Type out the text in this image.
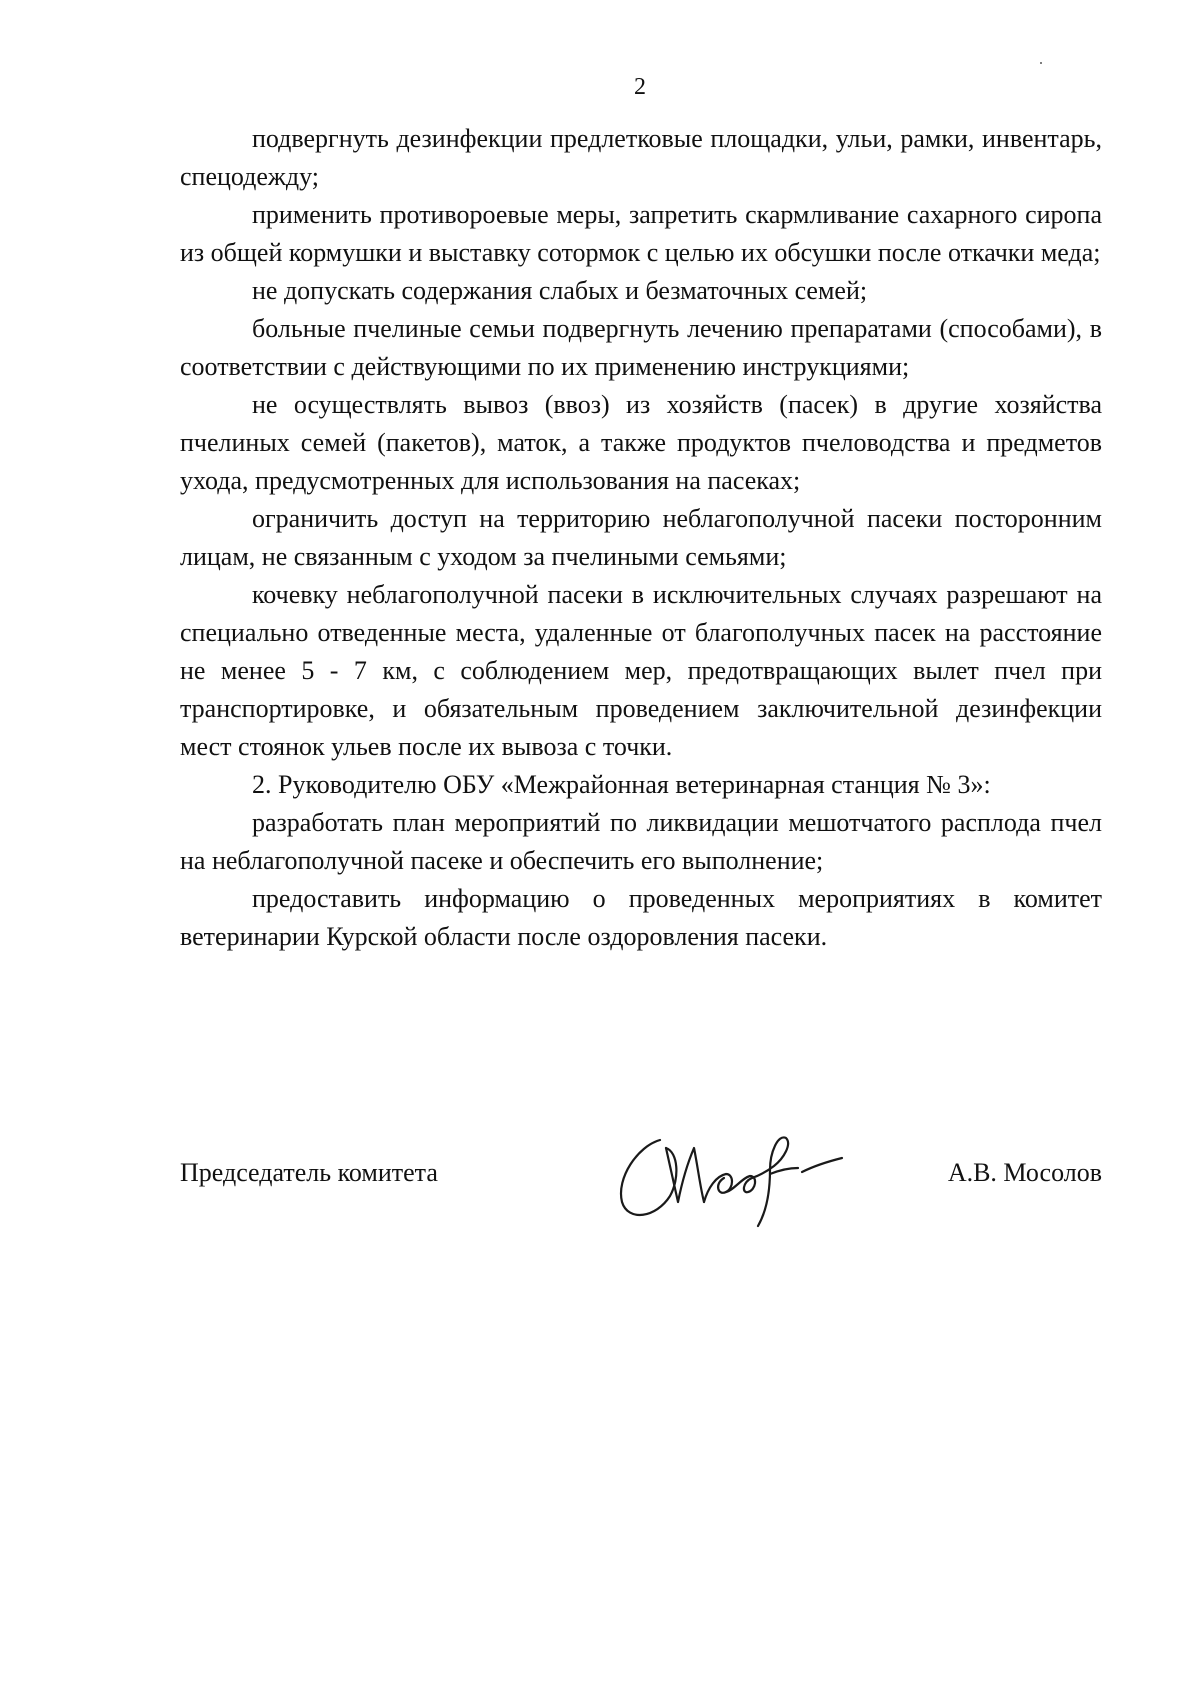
2

подвергнуть дезинфекции предлетковые площадки, ульи, рамки, инвентарь, спецодежду;

применить противороевые меры, запретить скармливание сахарного сиропа из общей кормушки и выставку сотормок с целью их обсушки после откачки меда;

не допускать содержания слабых и безматочных семей;

больные пчелиные семьи подвергнуть лечению препаратами (способами), в соответствии с действующими по их применению инструкциями;

не осуществлять вывоз (ввоз) из хозяйств (пасек) в другие хозяйства пчелиных семей (пакетов), маток, а также продуктов пчеловодства и предметов ухода, предусмотренных для использования на пасеках;

ограничить доступ на территорию неблагополучной пасеки посторонним лицам, не связанным с уходом за пчелиными семьями;

кочевку неблагополучной пасеки в исключительных случаях разрешают на специально отведенные места, удаленные от благополучных пасек на расстояние не менее 5 - 7 км, с соблюдением мер, предотвращающих вылет пчел при транспортировке, и обязательным проведением заключительной дезинфекции мест стоянок ульев после их вывоза с точки.

2. Руководителю ОБУ «Межрайонная ветеринарная станция № 3»:

разработать план мероприятий по ликвидации мешотчатого расплода пчел на неблагополучной пасеке и обеспечить его выполнение;

предоставить информацию о проведенных мероприятиях в комитет ветеринарии Курской области после оздоровления пасеки.

Председатель комитета	А.В. Мосолов
